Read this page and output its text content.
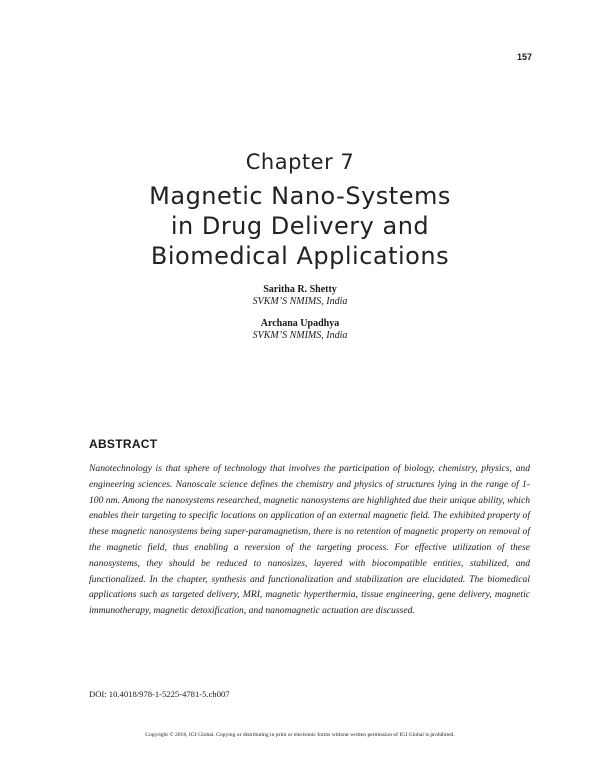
157
Chapter 7
Magnetic Nano-Systems
in Drug Delivery and
Biomedical Applications
Saritha R. Shetty
SVKM’S NMIMS, India
Archana Upadhya
SVKM’S NMIMS, India
ABSTRACT

Nanotechnology is that sphere of technology that involves the participation of biology, chemistry, physics, and engineering sciences. Nanoscale science defines the chemistry and physics of structures lying in the range of 1-100 nm. Among the nanosystems researched, magnetic nanosystems are highlighted due their unique ability, which enables their targeting to specific locations on application of an external magnetic field. The exhibited property of these magnetic nanosystems being super-paramagnetism, there is no retention of magnetic property on removal of the magnetic field, thus enabling a reversion of the targeting process. For effective utilization of these nanosystems, they should be reduced to nanosizes, layered with biocompatible entities, stabilized, and functionalized. In the chapter, synthesis and functionalization and stabilization are elucidated. The biomedical applications such as targeted delivery, MRI, magnetic hyperthermia, tissue engineering, gene delivery, magnetic immunotherapy, magnetic detoxification, and nanomagnetic actuation are discussed.

DOI: 10.4018/978-1-5225-4781-5.ch007
Copyright © 2018, IGI Global. Copying or distributing in print or electronic forms without written permission of IGI Global is prohibited.
